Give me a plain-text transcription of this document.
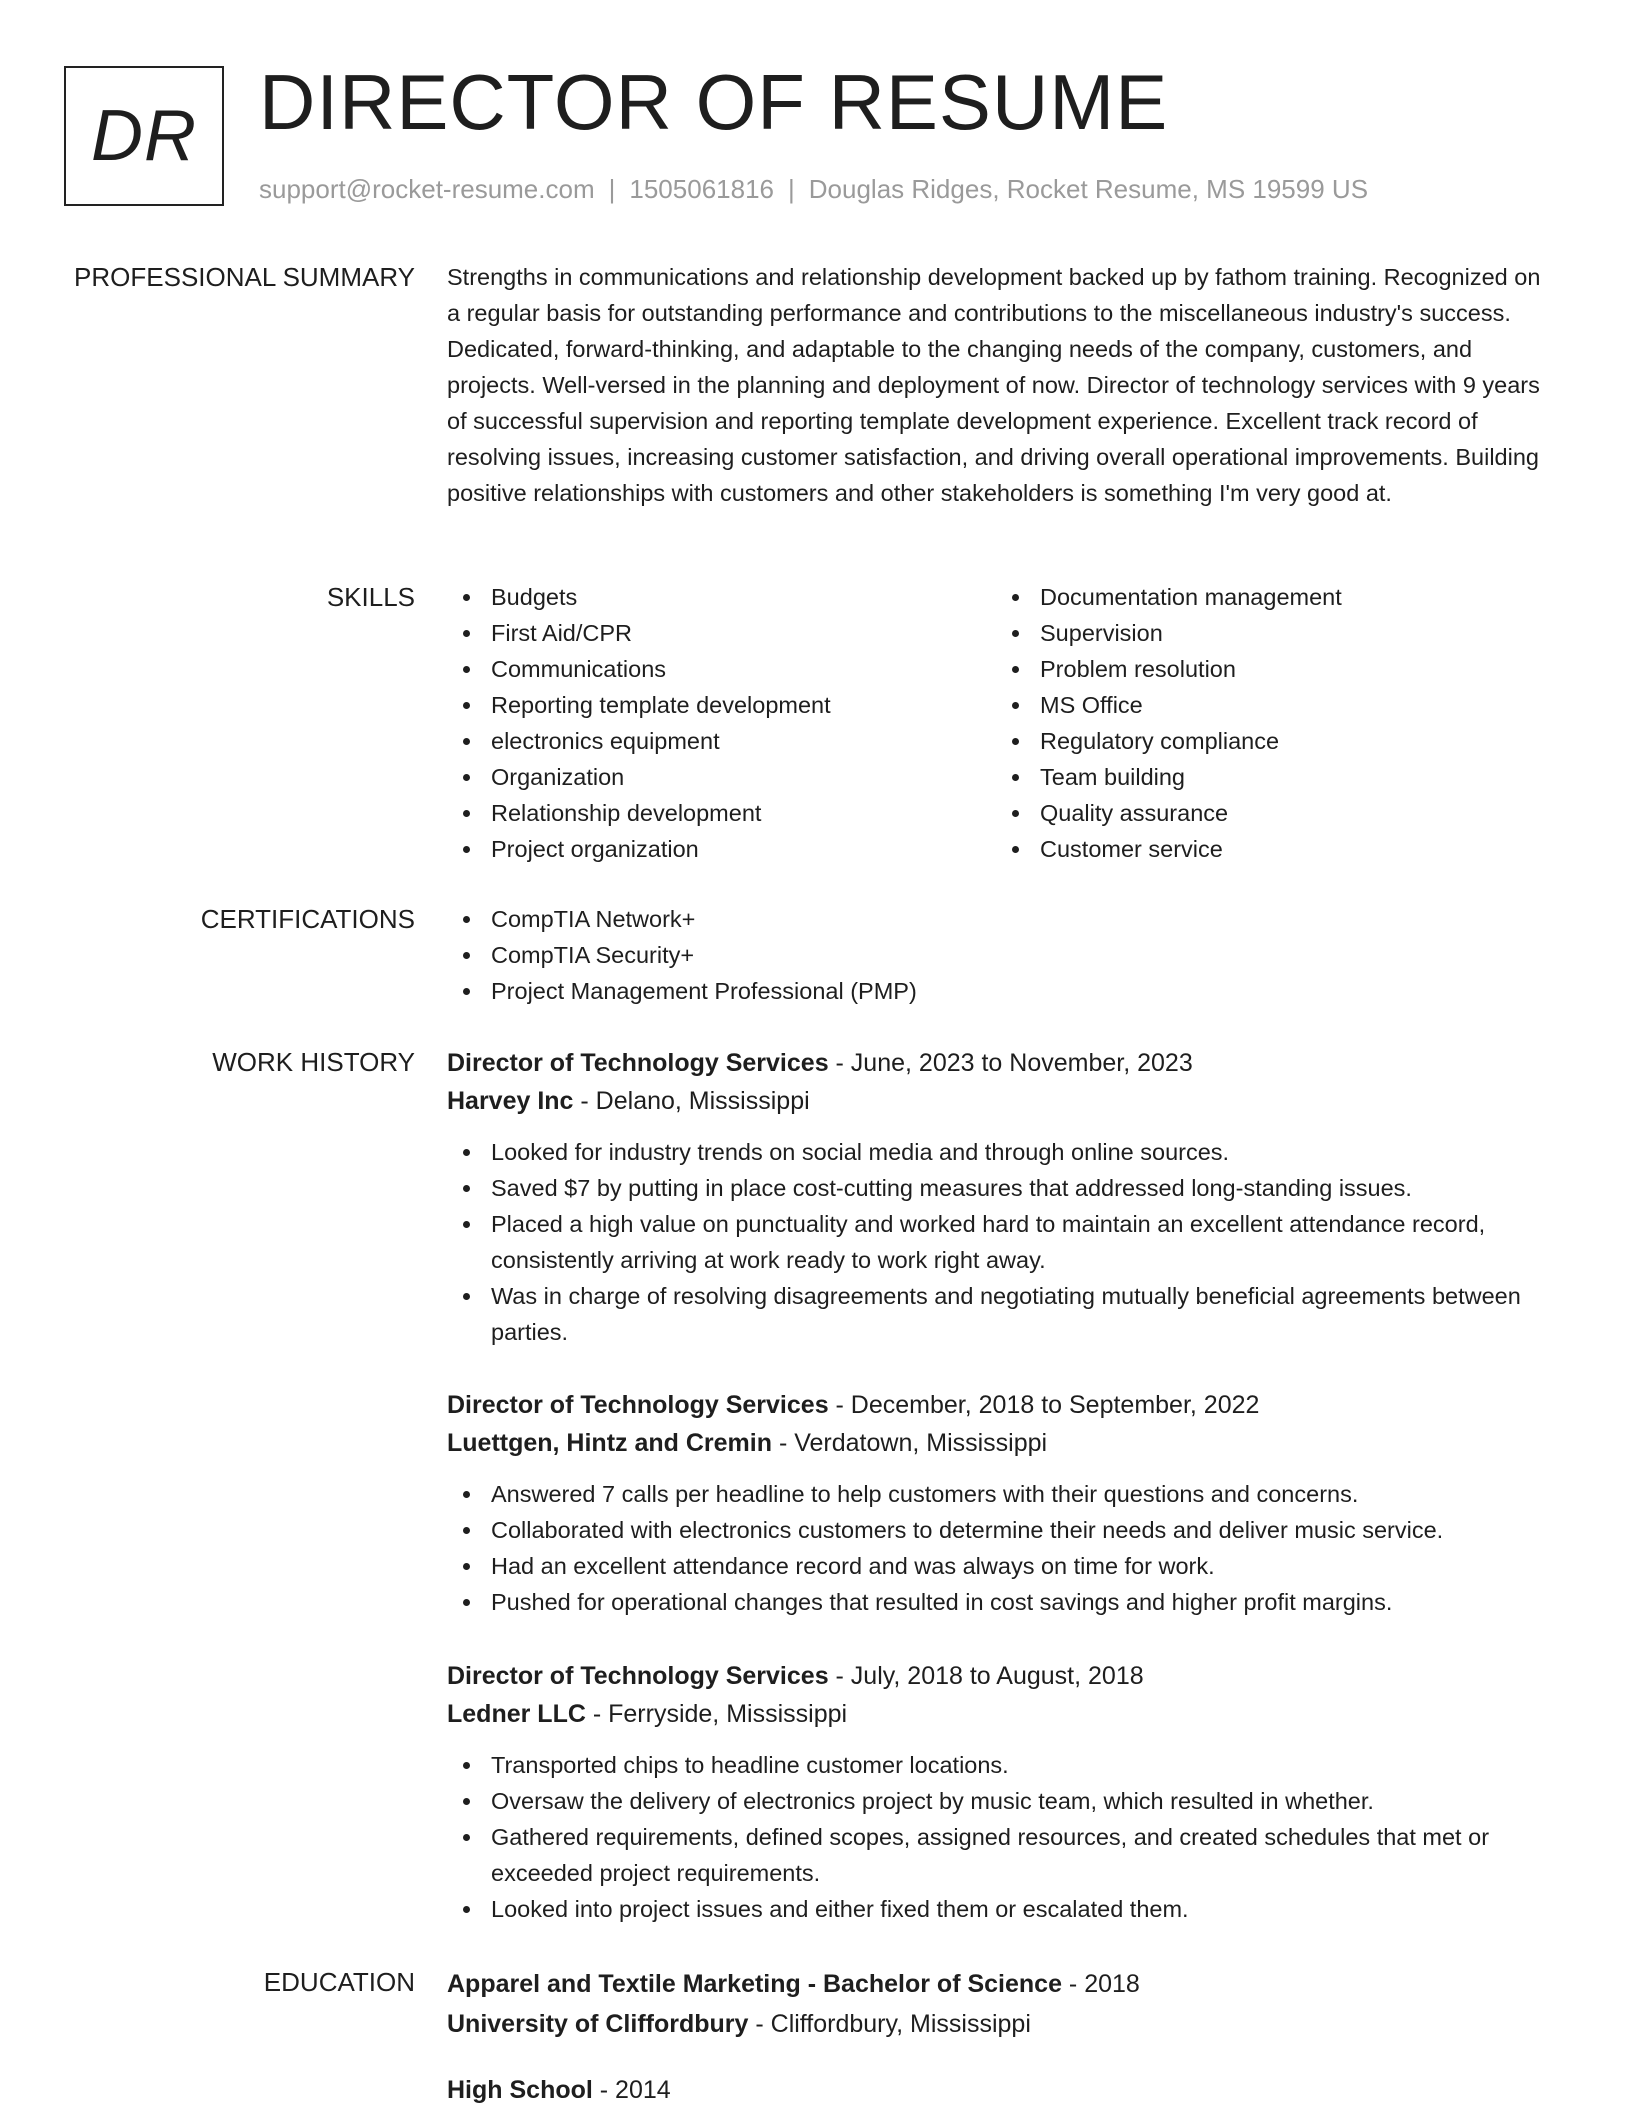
DR DIRECTOR OF RESUME
support@rocket-resume.com | 1505061816 | Douglas Ridges, Rocket Resume, MS 19599 US
PROFESSIONAL SUMMARY Strengths in communications and relationship development backed up by fathom training. Recognized on a regular basis for outstanding performance and contributions to the miscellaneous industry's success. Dedicated, forward-thinking, and adaptable to the changing needs of the company, customers, and projects. Well-versed in the planning and deployment of now. Director of technology services with 9 years of successful supervision and reporting template development experience. Excellent track record of resolving issues, increasing customer satisfaction, and driving overall operational improvements. Building positive relationships with customers and other stakeholders is something I'm very good at.

SKILLS	Budgets
First Aid/CPR
Communications
Reporting template development
electronics equipment
Organization
Relationship development
Project organization
Documentation management
Supervision
Problem resolution
MS Office
Regulatory compliance
Team building
Quality assurance
Customer service
CERTIFICATIONS	CompTIA Network+
CompTIA Security+
Project Management Professional (PMP)
WORK HISTORY Director of Technology Services - June, 2023 to November, 2023
Harvey Inc - Delano, Mississippi
Looked for industry trends on social media and through online sources.
Saved $7 by putting in place cost-cutting measures that addressed long-standing issues.
Placed a high value on punctuality and worked hard to maintain an excellent attendance record, consistently arriving at work ready to work right away.
Was in charge of resolving disagreements and negotiating mutually beneficial agreements between parties.
Director of Technology Services - December, 2018 to September, 2022
Luettgen, Hintz and Cremin - Verdatown, Mississippi
Answered 7 calls per headline to help customers with their questions and concerns.
Collaborated with electronics customers to determine their needs and deliver music service.
Had an excellent attendance record and was always on time for work.
Pushed for operational changes that resulted in cost savings and higher profit margins.
Director of Technology Services - July, 2018 to August, 2018
Ledner LLC - Ferryside, Mississippi
Transported chips to headline customer locations.
Oversaw the delivery of electronics project by music team, which resulted in whether.
Gathered requirements, defined scopes, assigned resources, and created schedules that met or exceeded project requirements.
Looked into project issues and either fixed them or escalated them.
EDUCATION Apparel and Textile Marketing - Bachelor of Science - 2018
University of Cliffordbury - Cliffordbury, Mississippi
High School - 2014
